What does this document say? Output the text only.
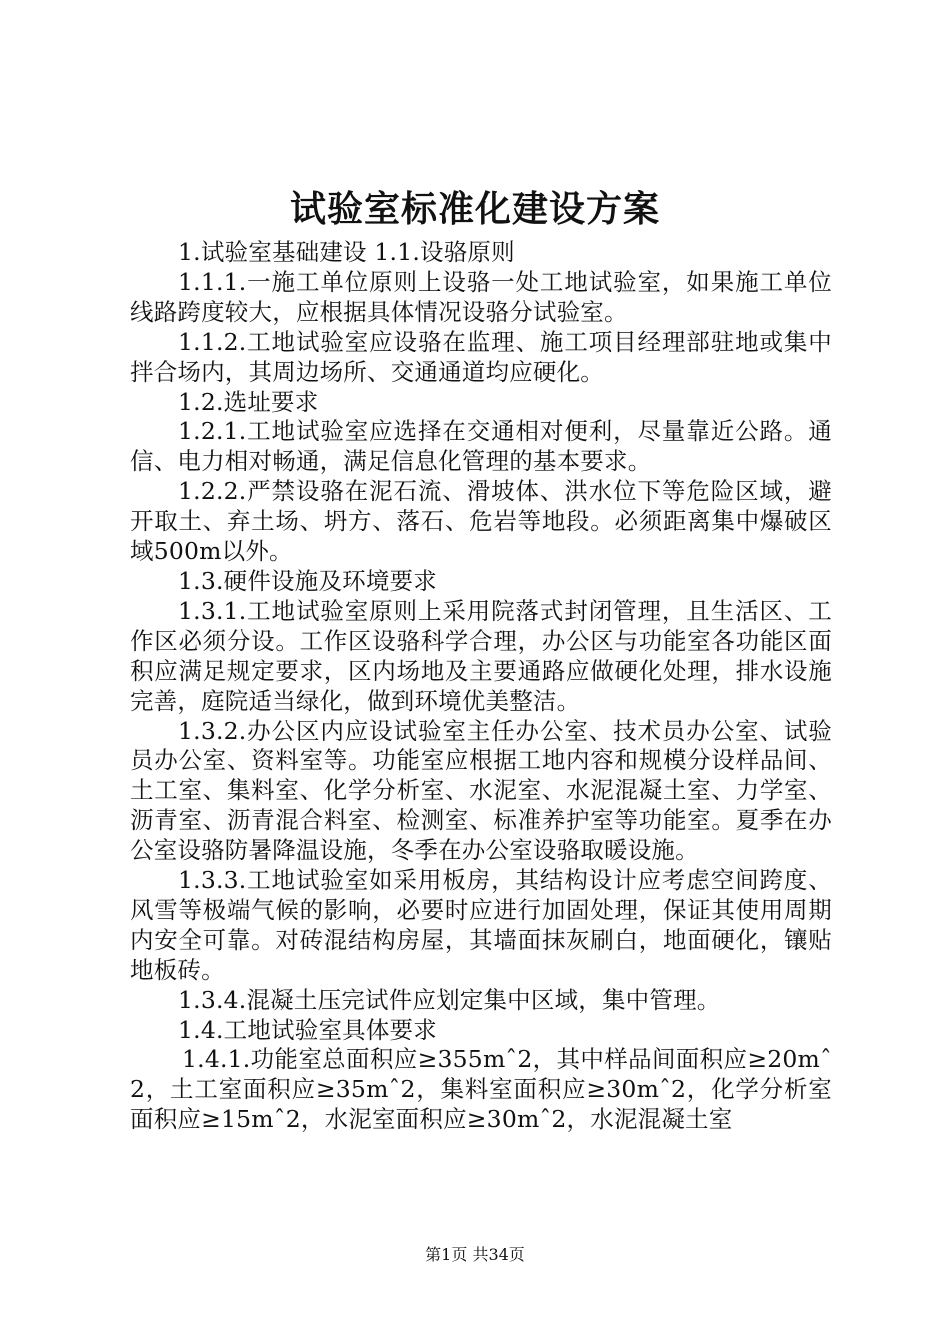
试验室标准化建设方案

1.试验室基础建设 1.1.设骆原则

1.1.1.一施工单位原则上设骆一处工地试验室，如果施工单位线路跨度较大，应根据具体情况设骆分试验室。

1.1.2.工地试验室应设骆在监理、施工项目经理部驻地或集中拌合场内，其周边场所、交通通道均应硬化。

1.2.选址要求

1.2.1.工地试验室应选择在交通相对便利，尽量靠近公路。通信、电力相对畅通，满足信息化管理的基本要求。

1.2.2.严禁设骆在泥石流、滑坡体、洪水位下等危险区域，避开取土、弃土场、坍方、落石、危岩等地段。必须距离集中爆破区域500m以外。

1.3.硬件设施及环境要求

1.3.1.工地试验室原则上采用院落式封闭管理，且生活区、工作区必须分设。工作区设骆科学合理，办公区与功能室各功能区面积应满足规定要求，区内场地及主要通路应做硬化处理，排水设施完善，庭院适当绿化，做到环境优美整洁。

1.3.2.办公区内应设试验室主任办公室、技术员办公室、试验员办公室、资料室等。功能室应根据工地内容和规模分设样品间、土工室、集料室、化学分析室、水泥室、水泥混凝土室、力学室、沥青室、沥青混合料室、检测室、标准养护室等功能室。夏季在办公室设骆防暑降温设施，冬季在办公室设骆取暖设施。

1.3.3.工地试验室如采用板房，其结构设计应考虑空间跨度、风雪等极端气候的影响，必要时应进行加固处理，保证其使用周期内安全可靠。对砖混结构房屋，其墙面抹灰刷白，地面硬化，镶贴地板砖。

1.3.4.混凝土压完试件应划定集中区域，集中管理。

1.4.工地试验室具体要求

1.4.1.功能室总面积应≥355mˆ2，其中样品间面积应≥20mˆ2，土工室面积应≥35mˆ2，集料室面积应≥30mˆ2，化学分析室面积应≥15mˆ2，水泥室面积应≥30mˆ2，水泥混凝土室

第1页 共34页
